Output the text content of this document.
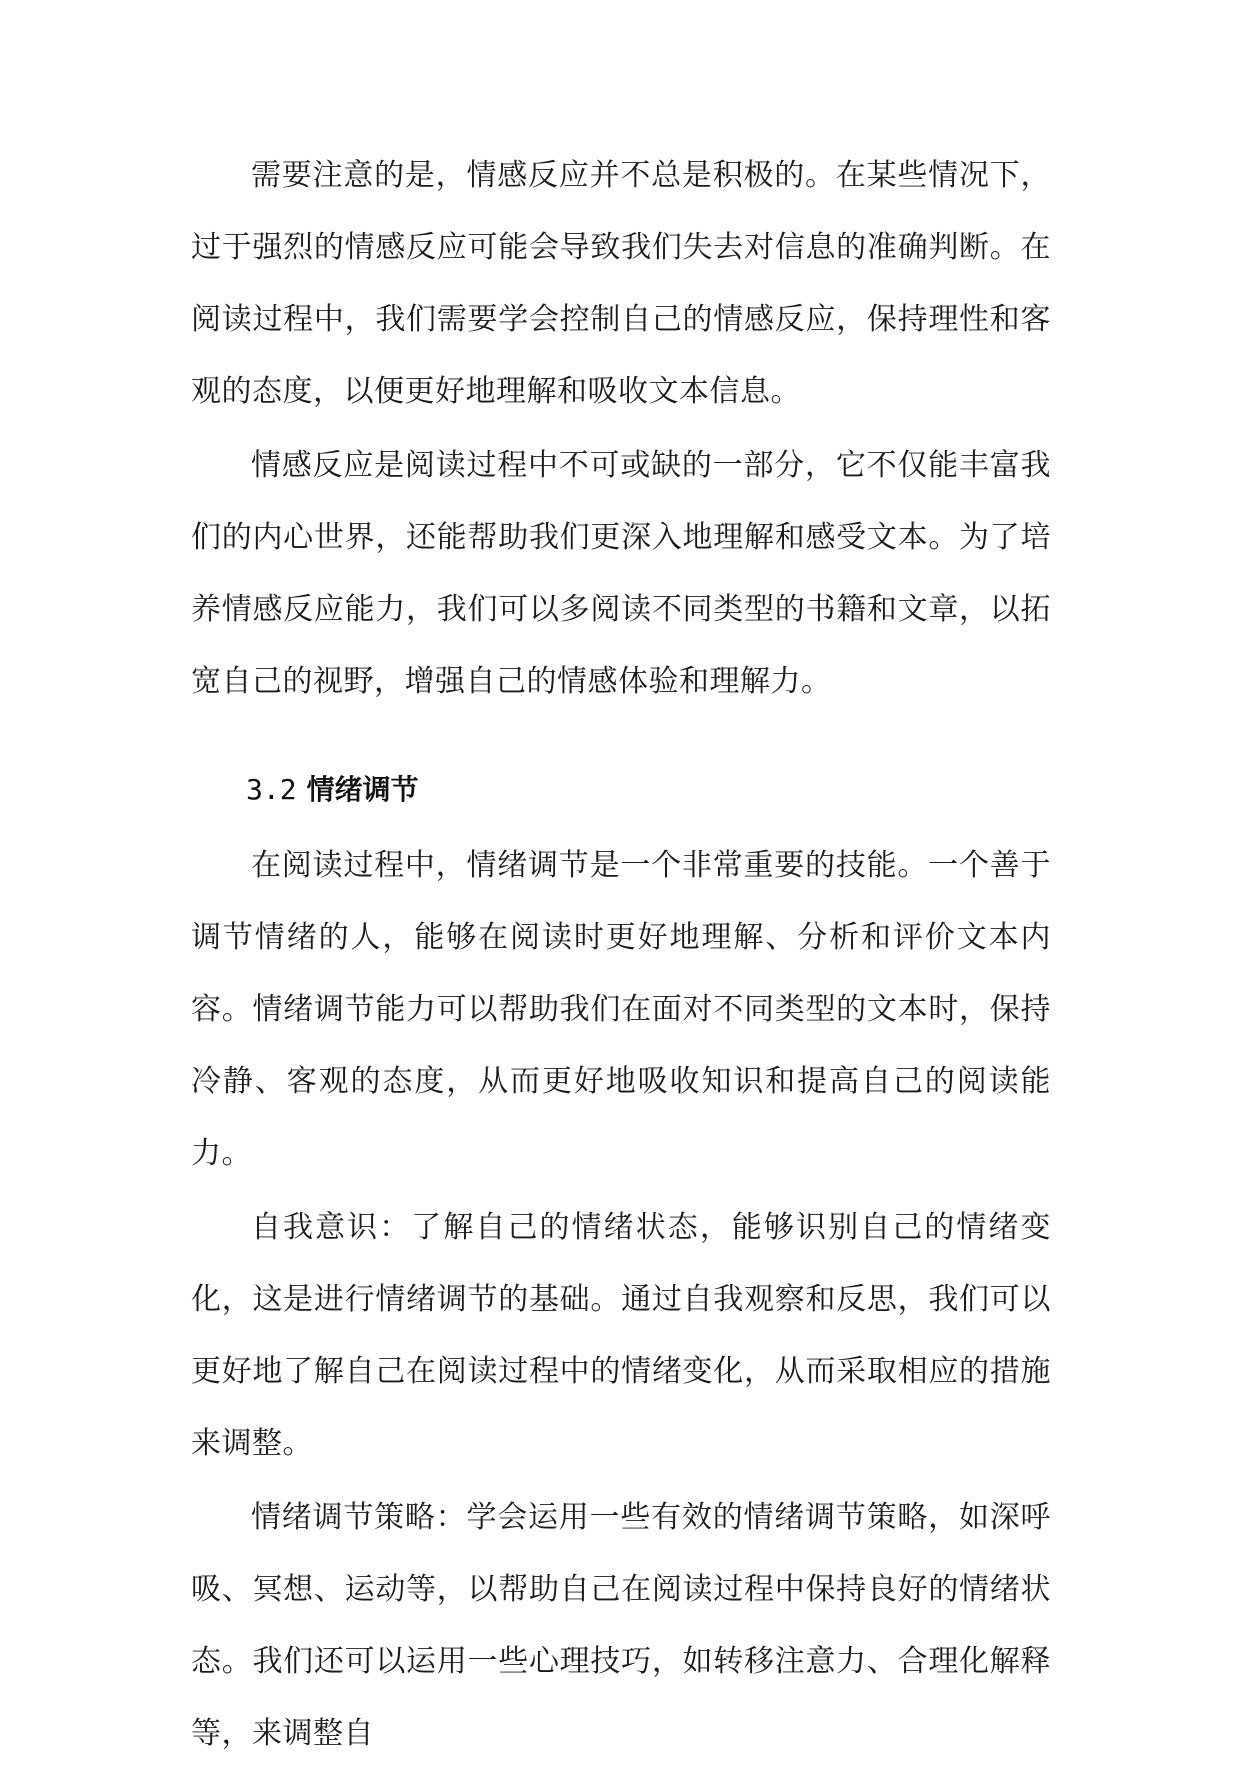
需要注意的是，情感反应并不总是积极的。在某些情况下，过于强烈的情感反应可能会导致我们失去对信息的准确判断。在阅读过程中，我们需要学会控制自己的情感反应，保持理性和客观的态度，以便更好地理解和吸收文本信息。

情感反应是阅读过程中不可或缺的一部分，它不仅能丰富我们的内心世界，还能帮助我们更深入地理解和感受文本。为了培养情感反应能力，我们可以多阅读不同类型的书籍和文章，以拓宽自己的视野，增强自己的情感体验和理解力。

3.2 情绪调节

在阅读过程中，情绪调节是一个非常重要的技能。一个善于调节情绪的人，能够在阅读时更好地理解、分析和评价文本内容。情绪调节能力可以帮助我们在面对不同类型的文本时，保持冷静、客观的态度，从而更好地吸收知识和提高自己的阅读能力。

自我意识：了解自己的情绪状态，能够识别自己的情绪变化，这是进行情绪调节的基础。通过自我观察和反思，我们可以更好地了解自己在阅读过程中的情绪变化，从而采取相应的措施来调整。

情绪调节策略：学会运用一些有效的情绪调节策略，如深呼吸、冥想、运动等，以帮助自己在阅读过程中保持良好的情绪状态。我们还可以运用一些心理技巧，如转移注意力、合理化解释等，来调整自
